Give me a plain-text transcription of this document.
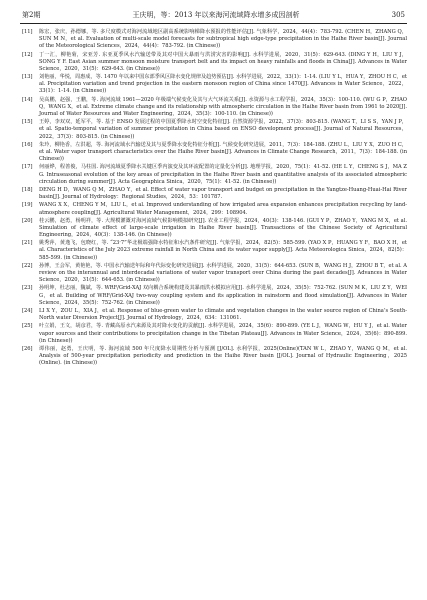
第2期	王庆明，等：2013 年以来海河流域降水增多成因剖析	305
[11]	陈宏，张庆，孙德娜，等. 多尺度模式对海河流域地区副高系统影响梯降水预报的性能评估[J]. 气象科学，2024，44(4)：783-792. (CHEN H，ZHANG Q，SUN M N，et al. Evaluation of multi-scale model forecasts for subtropical high edge-type precipitation in the Haihe River basin[J]. Journal of the Meteorological Sciences，2024，44(4)：783-792. (in Chinese))
[12]	丁一汇，柳艳菊，宋亚芳. 东亚夏季风水汽输送带及其对中国大暴雨与洪涝灾害的影响[J]. 水科学进展，2020，31(5)：629-643. (DING Y H，LIU Y J，SONG Y F. East Asian summer monsoon moisture transport belt and its impact on heavy rainfalls and floods in China[J]. Advances in Water Science，2020，31(5)：629-643. (in Chinese))
[13]	刘艳丽，华悦，周惠成，等. 1470 年以来中国东部季风区降水变化规律及趋势预估[J]. 水科学进展，2022，33(1)：1-14. (LIU Y L，HUA Y，ZHOU H C，et al. Precipitation variation and trend projection in the eastern monsoon region of China since 1470[J]. Advances in Water Science，2022，33(1)：1-14. (in Chinese))
[14]	吴高鹏，赵强，王鹏，等. 海河流域 1961—2020 年极端气候变化及其与大气环流关系[J]. 水资源与水工程学报，2024，35(3)：100-110. (WU G P，ZHAO Q，WANG X，et al. Extreme climate change and its relationship with atmospheric circulation in the Haihe River basin from 1961 to 2020[J]. Journal of Water Resources and Water Engineering，2024，35(3)：100-110. (in Chinese))
[15]	王婷，李双双，延军平，等. 基于 ENSO 发展过程的中国夏季降水时空变化特征[J]. 自然资源学报，2022，37(3)：803-815. (WANG T，LI S S，YAN J P，et al. Spatio-temporal variation of summer precipitation in China based on ENSO development process[J]. Journal of Natural Resources，2022，37(3)：803-815. (in Chinese))
[16]	朱玲，柳艳香，左洪超，等. 海河流域水汽输送及其与夏季降水变化特征分析[J]. 气候变化研究进展，2011，7(3)：184-188. (ZHU L，LIU Y X，ZUO H C，et al. Water vapor transport characteristics over the Haihe River basin[J]. Advances in Climate Change Research，2011，7(3)：184-188. (in Chinese))
[17]	何丽烨，程善俊，马柱国. 海河流域夏季降水关键区季内演变及其环流配置的定量化分析[J]. 地理学报，2020，75(1)：41-52. (HE L Y，CHENG S J，MA Z G. Intraseasonal evolution of the key areas of precipitation in the Haihe River basin and quantitative analysis of its associated atmospheric circulation during summer[J]. Acta Geographica Sinica，2020，75(1)：41-52. (in Chinese))
[18]	DENG H D，WANG Q M，ZHAO Y，et al. Effect of water vapor transport and budget on precipitation in the Yangtze-Huang-Huai-Hai River basin[J]. Journal of Hydrology：Regional Studies，2024，53：101787.
[19]	WANG X X，CHENG Y M，LIU L，et al. Improved understanding of how irrigated area expansion enhances precipitation recycling by land-atmosphere coupling[J]. Agricultural Water Management，2024，299：108904.
[20]	桂云鹏，赵勇，杨明祥，等. 大规模灌溉对海河流域气候影响模拟研究[J]. 农业工程学报，2024，40(3)：138-146. (GUI Y P，ZHAO Y，YANG M X，et al. Simulation of climate effect of large-scale irrigation in Haihe River basin[J]. Transactions of the Chinese Society of Agricultural Engineering，2024，40(3)：138-146. (in Chinese))
[21]	姚秀萍，黄逸飞，包晓红，等. “23·7”华北极端强降水特征和水汽条件研究[J]. 气象学报，2024，82(5)：585-599. (YAO X P，HUANG Y F，BAO X H，et al. Characteristics of the July 2023 extreme rainfall in North China and its water vapor supply[J]. Acta Meteorologica Sinica，2024，82(5)：585-599. (in Chinese))
[22]	孙博，王会军，黄艳艳，等. 中国水汽输送年际和年代际变化研究进展[J]. 水科学进展，2020，31(5)：644-653. (SUN B，WANG H J，ZHOU B T，et al. A review on the interannual and interdecadal variations of water vapor transport over China during the past decades[J]. Advances in Water Science，2020，31(5)：644-653. (in Chinese))
[23]	孙明坤，杜志丽，魏斌，等. WRF/Grid-XAJ 双向耦合系统构建及其暴雨洪水模拟应用[J]. 水科学进展，2024，35(5)：752-762. (SUN M K，LIU Z Y，WEI G，et al. Building of WRF/Grid-XAJ two-way coupling system and its application in rainstorm and flood simulation[J]. Advances in Water Science，2024，35(5)：752-762. (in Chinese))
[24]	LI X Y，ZOU L，XIA J，et al. Response of blue-green water to climate and vegetation changes in the water source region of China’s South-North water Diversion Project[J]. Journal of Hydrology，2024，634：131061.
[25]	叶立娟，王文，胡彦君，等. 青藏高原水汽来源及其对降水变化的贡献[J]. 水科学进展，2024，35(6)：890-899. (YE L J，WANG W，HU Y J，et al. Water vapor sources and their contributions to precipitation change in the Tibetan Plateau[J]. Advances in Water Science，2024，35(6)：890-899. (in Chinese))
[26]	谭伟丽，赵勇，王庆明，等. 海河流域 500 年尺度降水周期性分析与预测 [J/OL]. 水利学报，2025(Online)(TAN W L，ZHAO Y，WANG Q M，et al. Analysis of 500-year precipitation periodicity and prediction in the Haihe River basin [J/OL]. Journal of Hydraulic Engineering，2025 (Online). (in Chinese))
